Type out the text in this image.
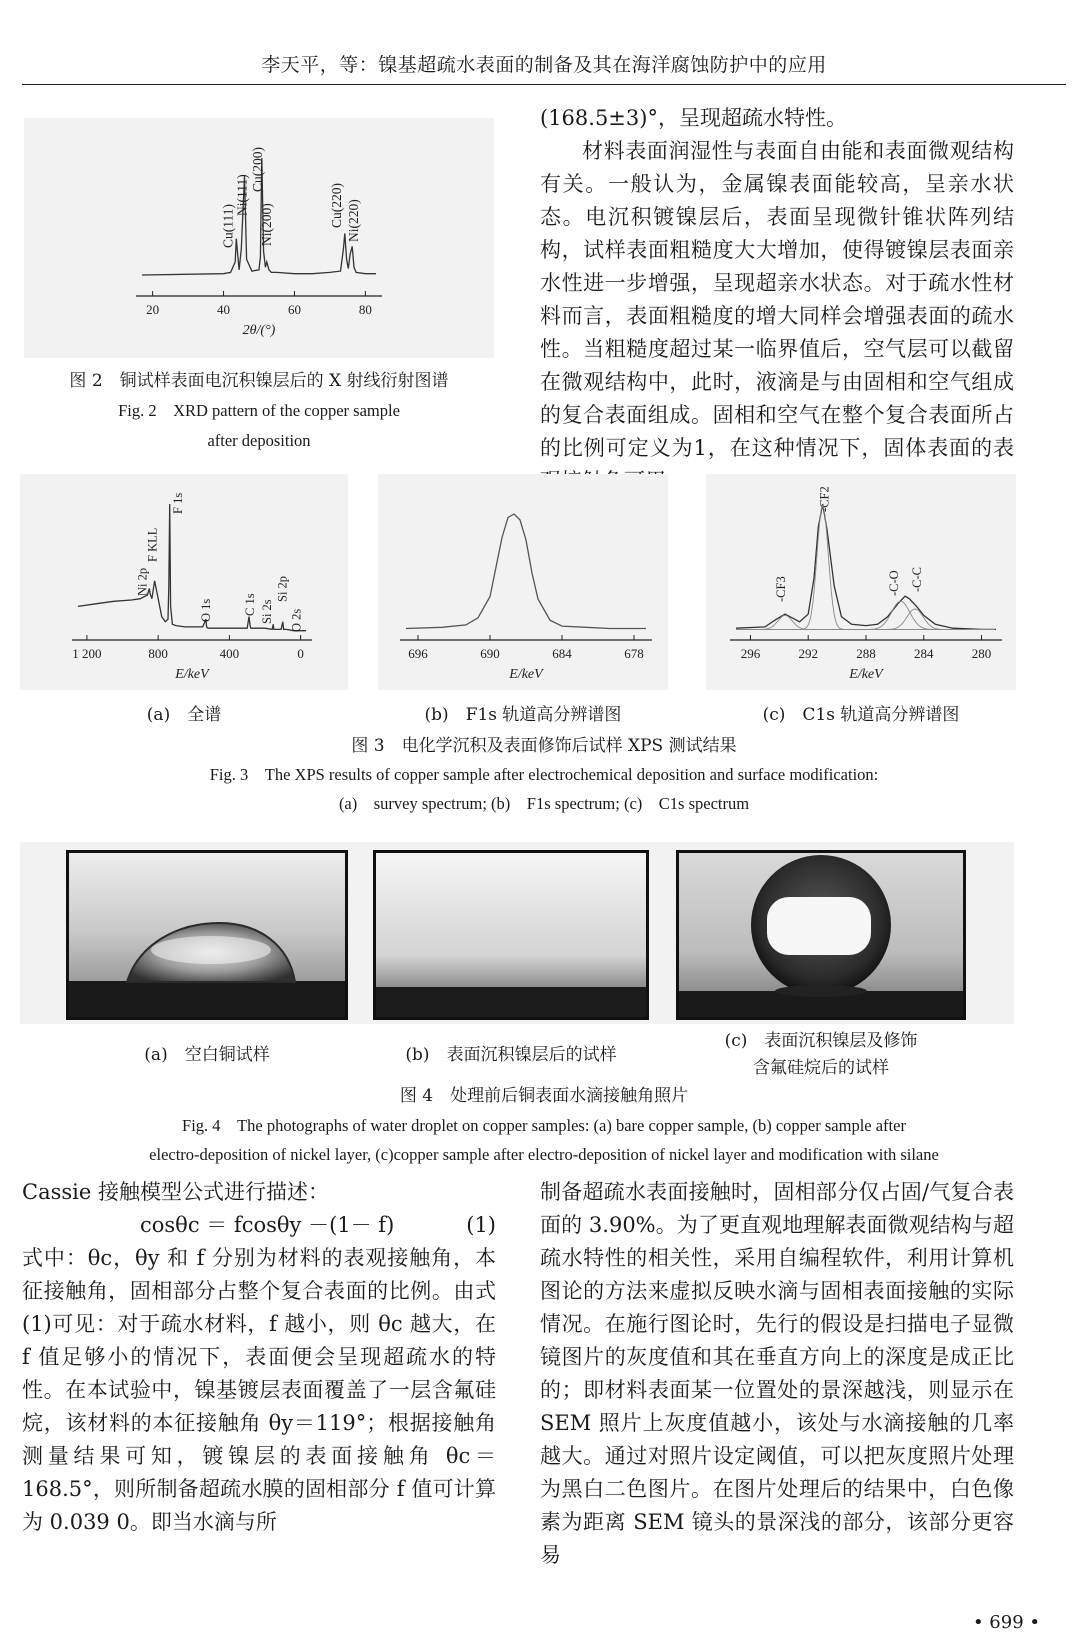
李天平，等：镍基超疏水表面的制备及其在海洋腐蚀防护中的应用
20	40	60	80
2θ/(°)
Cu(111)
Ni(111)
Cu(200)
Ni(200)	Cu(220) Ni(220)
图 2　铜试样表面电沉积镍层后的 X 射线衍射图谱
Fig. 2　XRD pattern of the copper sample
after deposition

(168.5±3)°，呈现超疏水特性。

材料表面润湿性与表面自由能和表面微观结构有关。一般认为，金属镍表面能较高，呈亲水状态。电沉积镀镍层后，表面呈现微针锥状阵列结构，试样表面粗糙度大大增加，使得镀镍层表面亲水性进一步增强，呈现超亲水状态。对于疏水性材料而言，表面粗糙度的增大同样会增强表面的疏水性。当粗糙度超过某一临界值后，空气层可以截留在微观结构中，此时，液滴是与由固相和空气组成的复合表面组成。固相和空气在整个复合表面所占的比例可定义为1，在这种情况下，固体表面的表

1 200	800	400	0
E/keV
Ni 2p
F KLL
F 1s
O 1s C 1s Si 2s
Si 2p
O 2s
696	690	684	678
E/keV
296	292	288	284	280
E/keV
-CF3
-CF2
-C-O -C-C
(a)　全谱	(b)　F1s 轨道高分辨谱图	(c)　C1s 轨道高分辨谱图
图 3　电化学沉积及表面修饰后试样 XPS 测试结果
Fig. 3　The XPS results of copper sample after electrochemical deposition and surface modification:
(a)　survey spectrum; (b)　F1s spectrum; (c)　C1s spectrum
(a)　空白铜试样	(b)　表面沉积镍层后的试样
(c)　表面沉积镍层及修饰
含氟硅烷后的试样
图 4　处理前后铜表面水滴接触角照片
Fig. 4　The photographs of water droplet on copper samples: (a) bare copper sample, (b) copper sample after
electro-deposition of nickel layer, (c)copper sample after electro-deposition of nickel layer and modification with silane

Cassie 接触模型公式进行描述：

cosθc ＝ fcosθy －(1－ f)	(1)

式中：θc，θy 和 f 分别为材料的表观接触角，本征接触角，固相部分占整个复合表面的比例。由式(1)可见：对于疏水材料，f 越小，则 θc 越大，在 f 值足够小的情况下，表面便会呈现超疏水的特性。在本试验中，镍基镀层表面覆盖了一层含氟硅烷，该材料的本征接触角 θy＝119°；根据接触角测量结果可知，镀镍层的表面接触角 θc＝168.5°，则所制备超疏水膜的固相部分 f 值可计算为 0.039 0。即当水滴与所

制备超疏水表面接触时，固相部分仅占固/气复合表面的 3.90%。为了更直观地理解表面微观结构与超疏水特性的相关性，采用自编程软件，利用计算机图论的方法来虚拟反映水滴与固相表面接触的实际情况。在施行图论时，先行的假设是扫描电子显微镜图片的灰度值和其在垂直方向上的深度是成正比的；即材料表面某一位置处的景深越浅，则显示在 SEM 照片上灰度值越小，该处与水滴接触的几率越大。通过对照片设定阈值，可以把灰度照片处理为黑白二色图片。在图片处理后的结果中，白色像素为距离 SEM 镜头的景深浅的部分，该部分更容易

• 699 •
